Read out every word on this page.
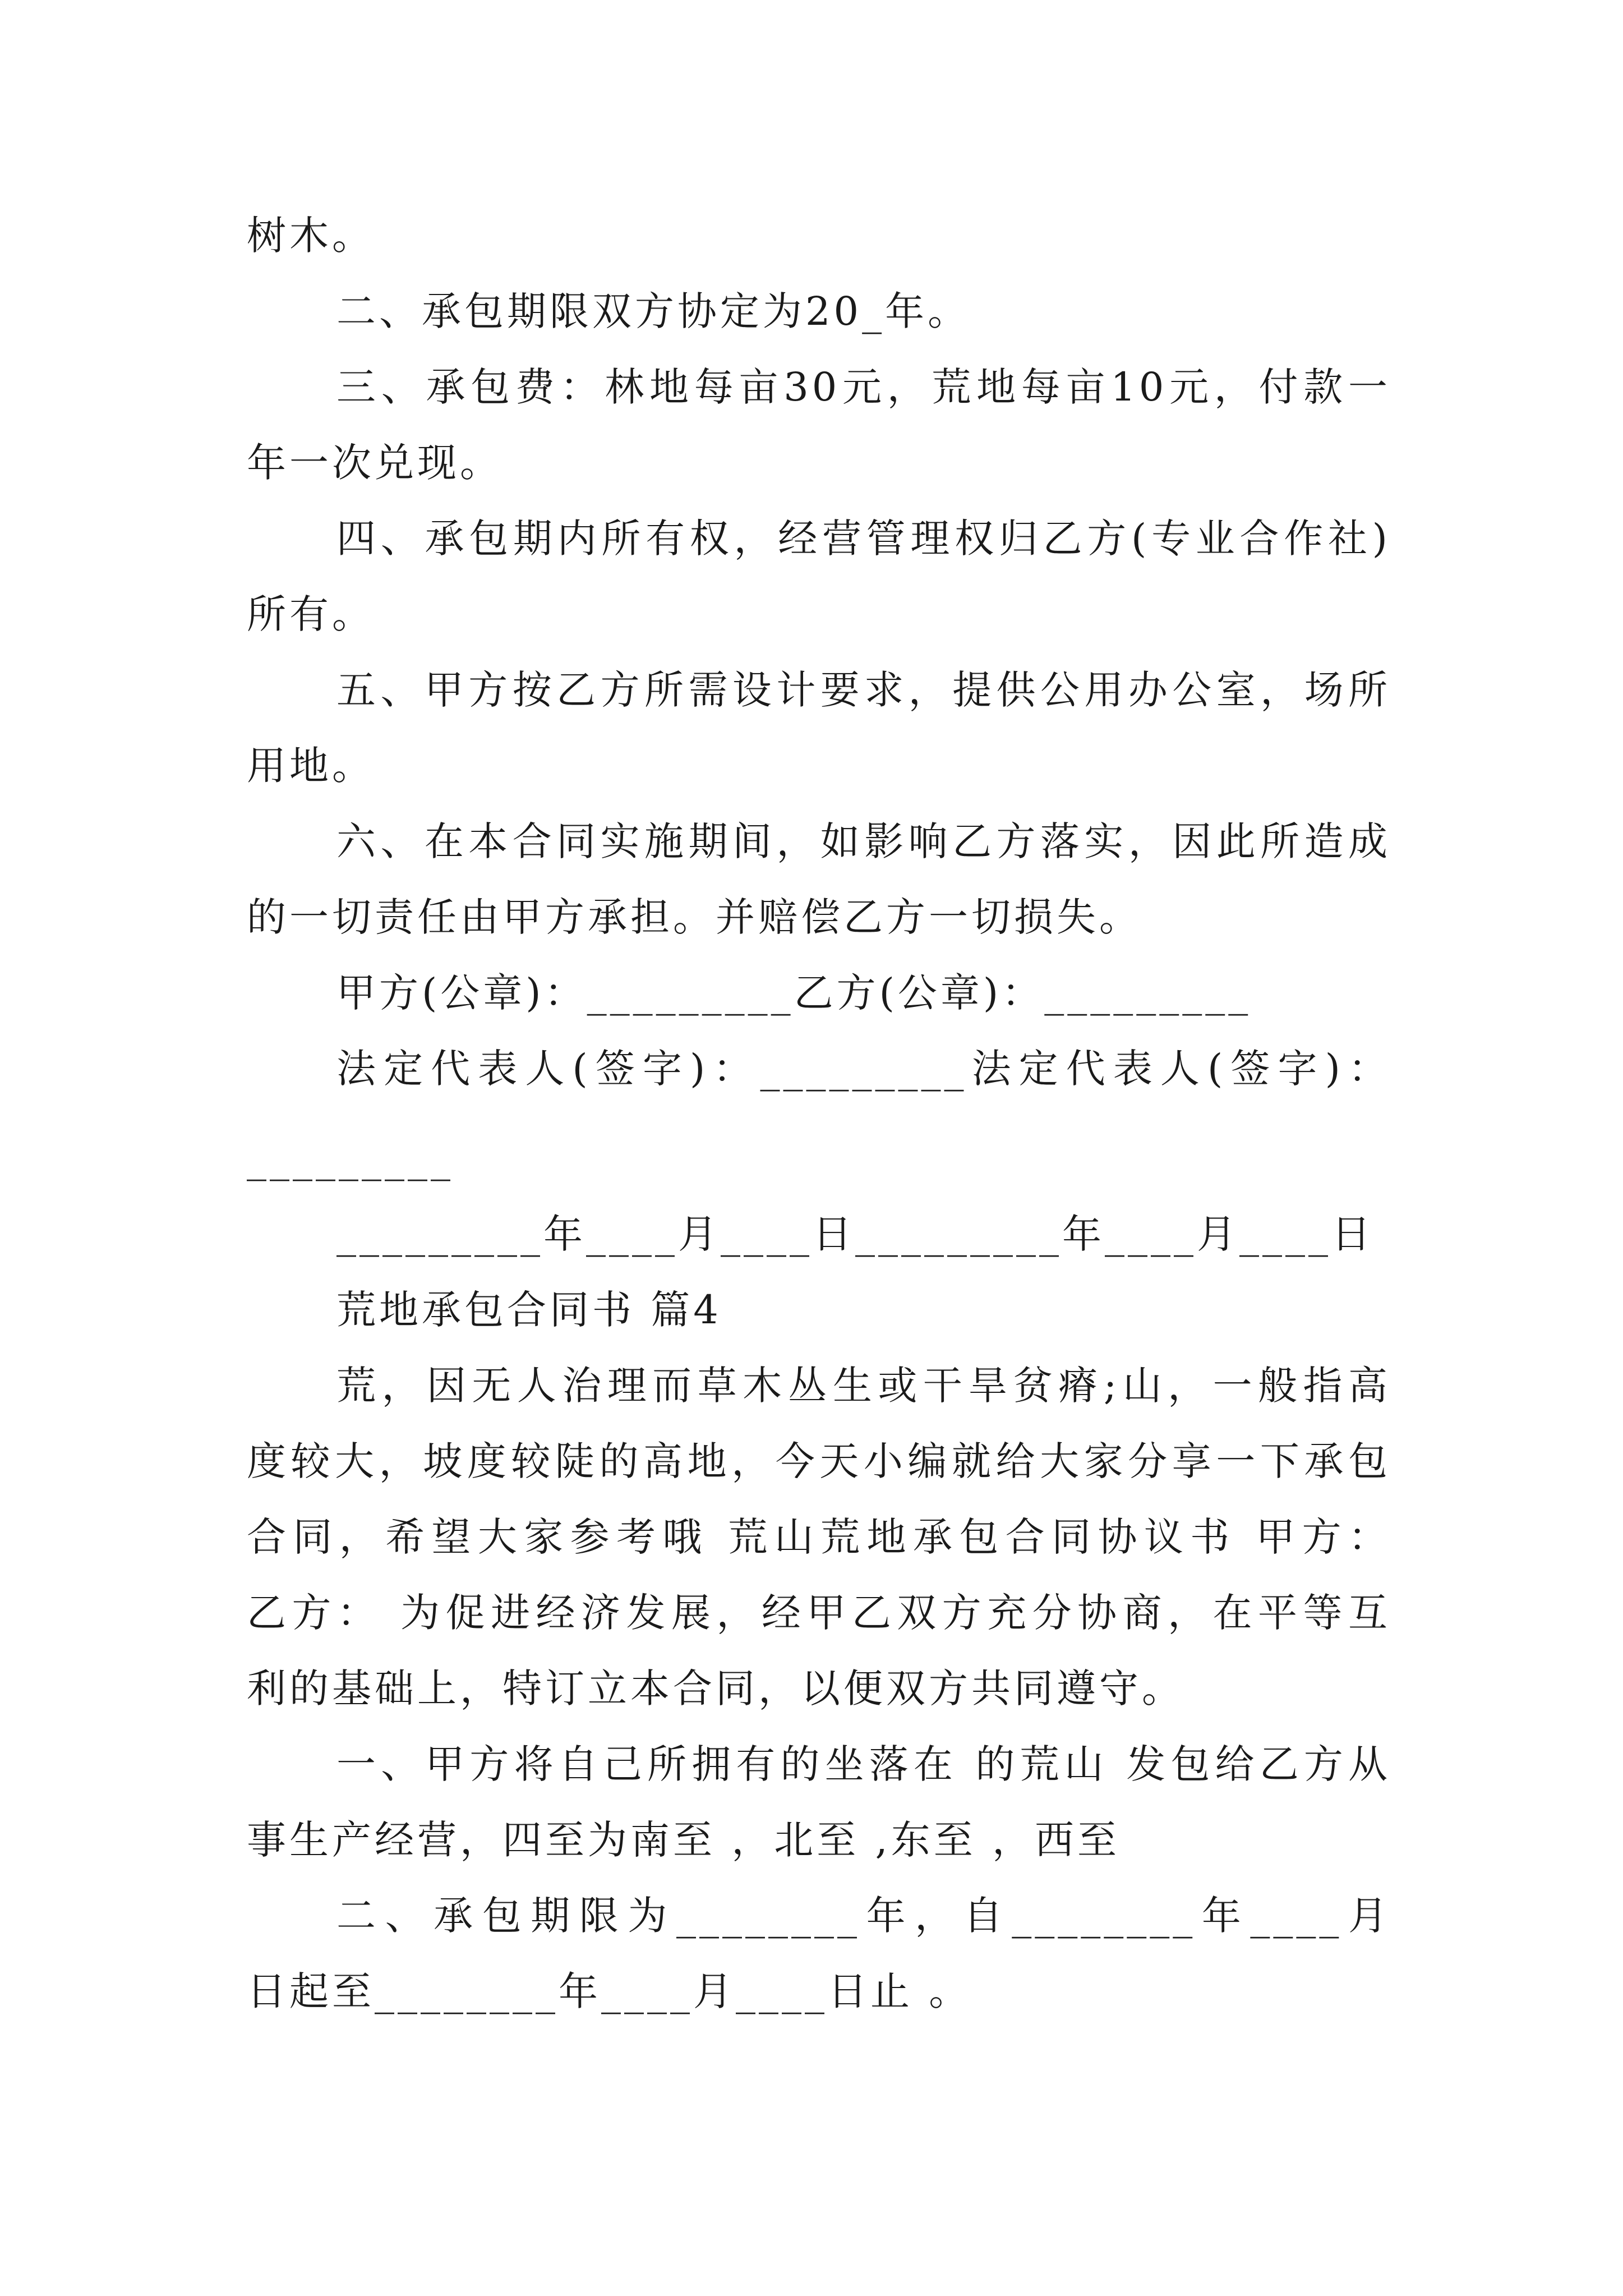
树木。
二、承包期限双方协定为20_年。
三、承包费：林地每亩30元，荒地每亩10元，付款一
年一次兑现。
四、承包期内所有权，经营管理权归乙方(专业合作社)
所有。
五、甲方按乙方所需设计要求，提供公用办公室，场所
用地。
六、在本合同实施期间，如影响乙方落实，因此所造成
的一切责任由甲方承担。并赔偿乙方一切损失。
甲方(公章)：_________乙方(公章)：_________
法定代表人(签字)：_________法定代表人(签字)：
_________
_________年____月____日_________年____月____日
荒地承包合同书 篇4
荒，因无人治理而草木丛生或干旱贫瘠;山，一般指高
度较大，坡度较陡的高地，今天小编就给大家分享一下承包
合同，希望大家参考哦 荒山荒地承包合同协议书 甲方：
乙方： 为促进经济发展，经甲乙双方充分协商，在平等互
利的基础上，特订立本合同，以便双方共同遵守。
一、甲方将自己所拥有的坐落在 的荒山 发包给乙方从
事生产经营，四至为南至 ，北至 ,东至 ，西至
二、承包期限为________年，自________年____月
日起至________年____月____日止 。
